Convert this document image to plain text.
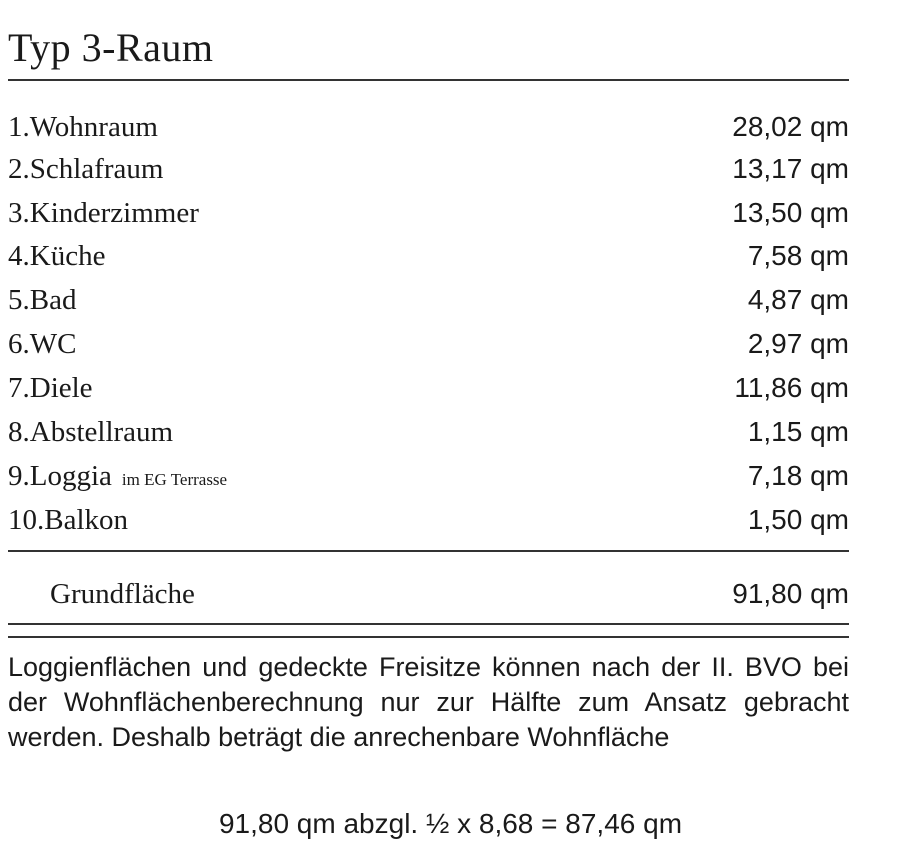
Typ 3-Raum
1.Wohnraum	28,02 qm
2.Schlafraum	13,17 qm
3.Kinderzimmer	13,50 qm
4.Küche	7,58 qm
5.Bad	4,87 qm
6.WC	2,97 qm
7.Diele	11,86 qm
8.Abstellraum	1,15 qm
9.Loggia im EG Terrasse	7,18 qm
10.Balkon	1,50 qm
Grundfläche	91,80 qm
Loggienflächen und gedeckte Freisitze können nach der II. BVO bei der Wohnflächenberechnung nur zur Hälfte zum Ansatz gebracht werden. Deshalb beträgt die anrechenbare Wohnfläche
91,80 qm abzgl. ½ x 8,68 = 87,46 qm
